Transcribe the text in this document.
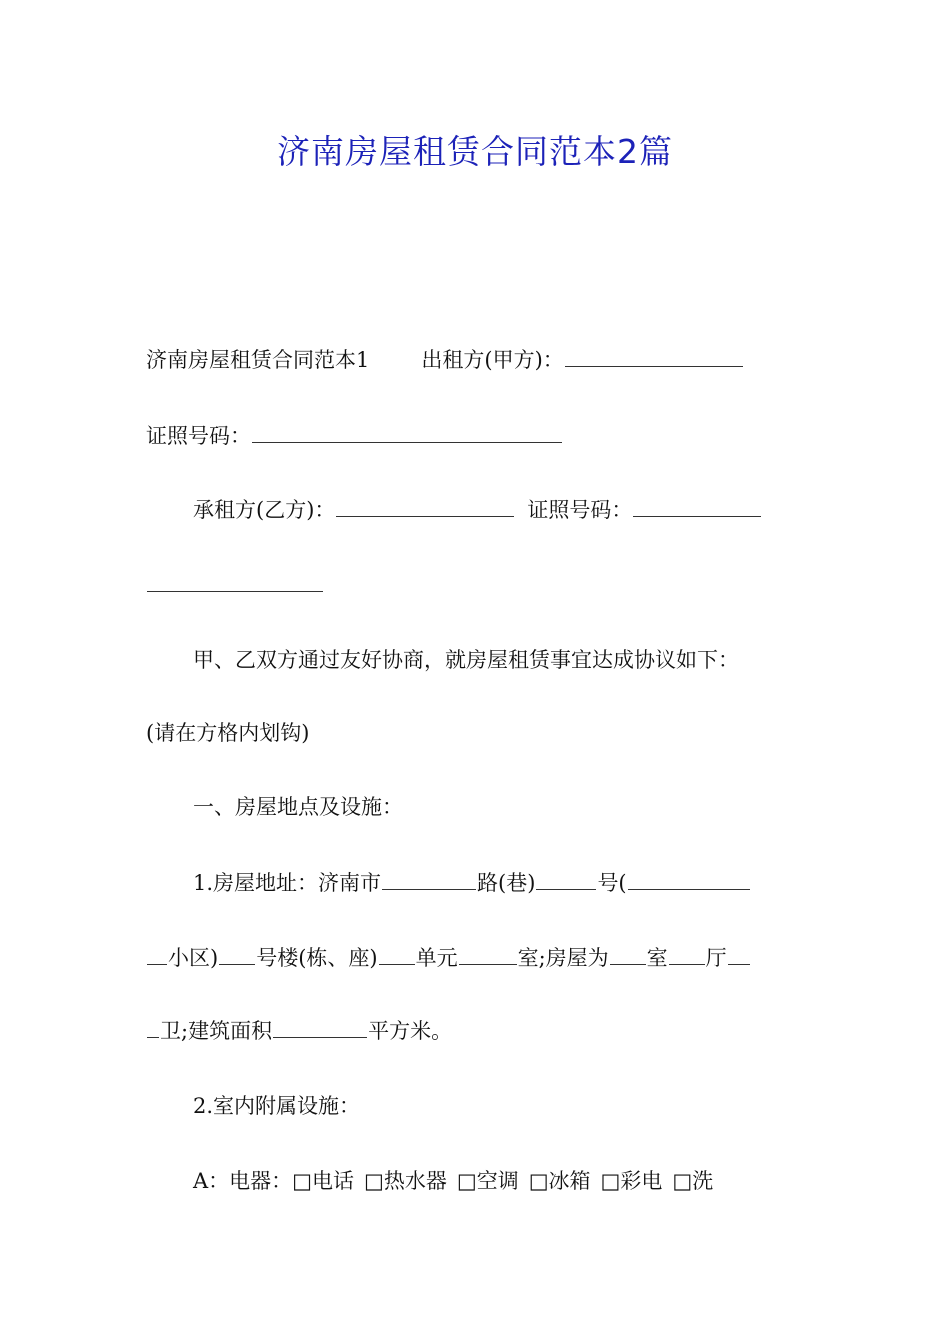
济南房屋租赁合同范本2篇
济南房屋租赁合同范本1 出租方(甲方)：
证照号码：
承租方(乙方)：	证照号码：
甲、乙双方通过友好协商，就房屋租赁事宜达成协议如下：
(请在方格内划钩)
一、房屋地点及设施：
1.房屋地址：济南市	路(巷)	号(
小区) 号楼(栋、座) 单元	室;房屋为 室 厅
卫;建筑面积	平方米。
2.室内附属设施：
A：电器：□电话 □热水器 □空调 □冰箱 □彩电 □洗
